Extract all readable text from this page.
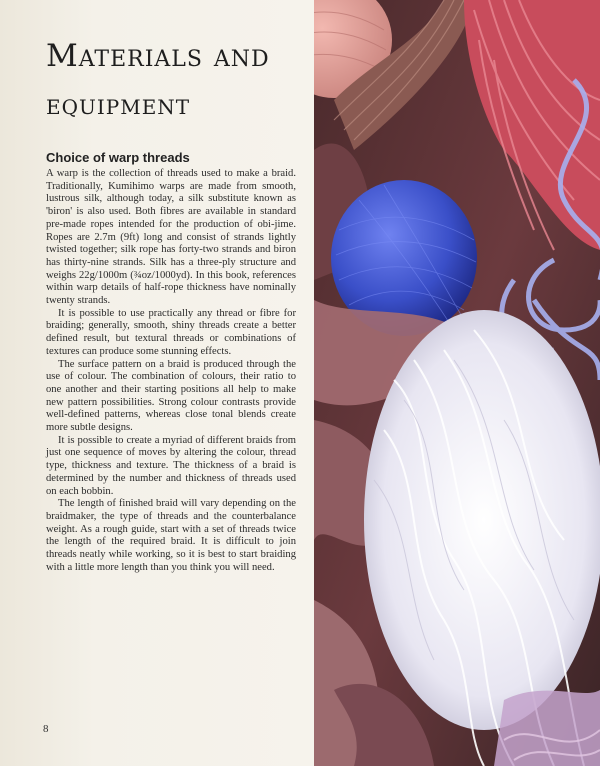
Materials and
equipment
Choice of warp threads

A warp is the collection of threads used to make a braid. Traditionally, Kumihimo warps are made from smooth, lustrous silk, although today, a silk substitute known as 'biron' is also used. Both fibres are available in standard pre-made ropes intended for the production of obi-jime. Ropes are 2.7m (9ft) long and consist of strands lightly twisted together; silk rope has forty-two strands and biron has thirty-nine strands. Silk has a three-ply structure and weighs 22g/1000m (¾oz/1000yd). In this book, references within warp details of half-rope thickness have nominally twenty strands.

It is possible to use practically any thread or fibre for braiding; generally, smooth, shiny threads create a better defined result, but textural threads or combinations of textures can produce some stunning effects.

The surface pattern on a braid is produced through the use of colour. The combination of colours, their ratio to one another and their starting positions all help to make new pattern possibilities. Strong colour contrasts provide well-defined patterns, whereas close tonal blends create more subtle designs.

It is possible to create a myriad of different braids from just one sequence of moves by altering the colour, thread type, thickness and texture. The thickness of a braid is determined by the number and thickness of threads used on each bobbin.

The length of finished braid will vary depending on the braidmaker, the type of threads and the counterbalance weight. As a rough guide, start with a set of threads twice the length of the required braid. It is difficult to join threads neatly while working, so it is best to start braiding with a little more length than you think you will need.

8
